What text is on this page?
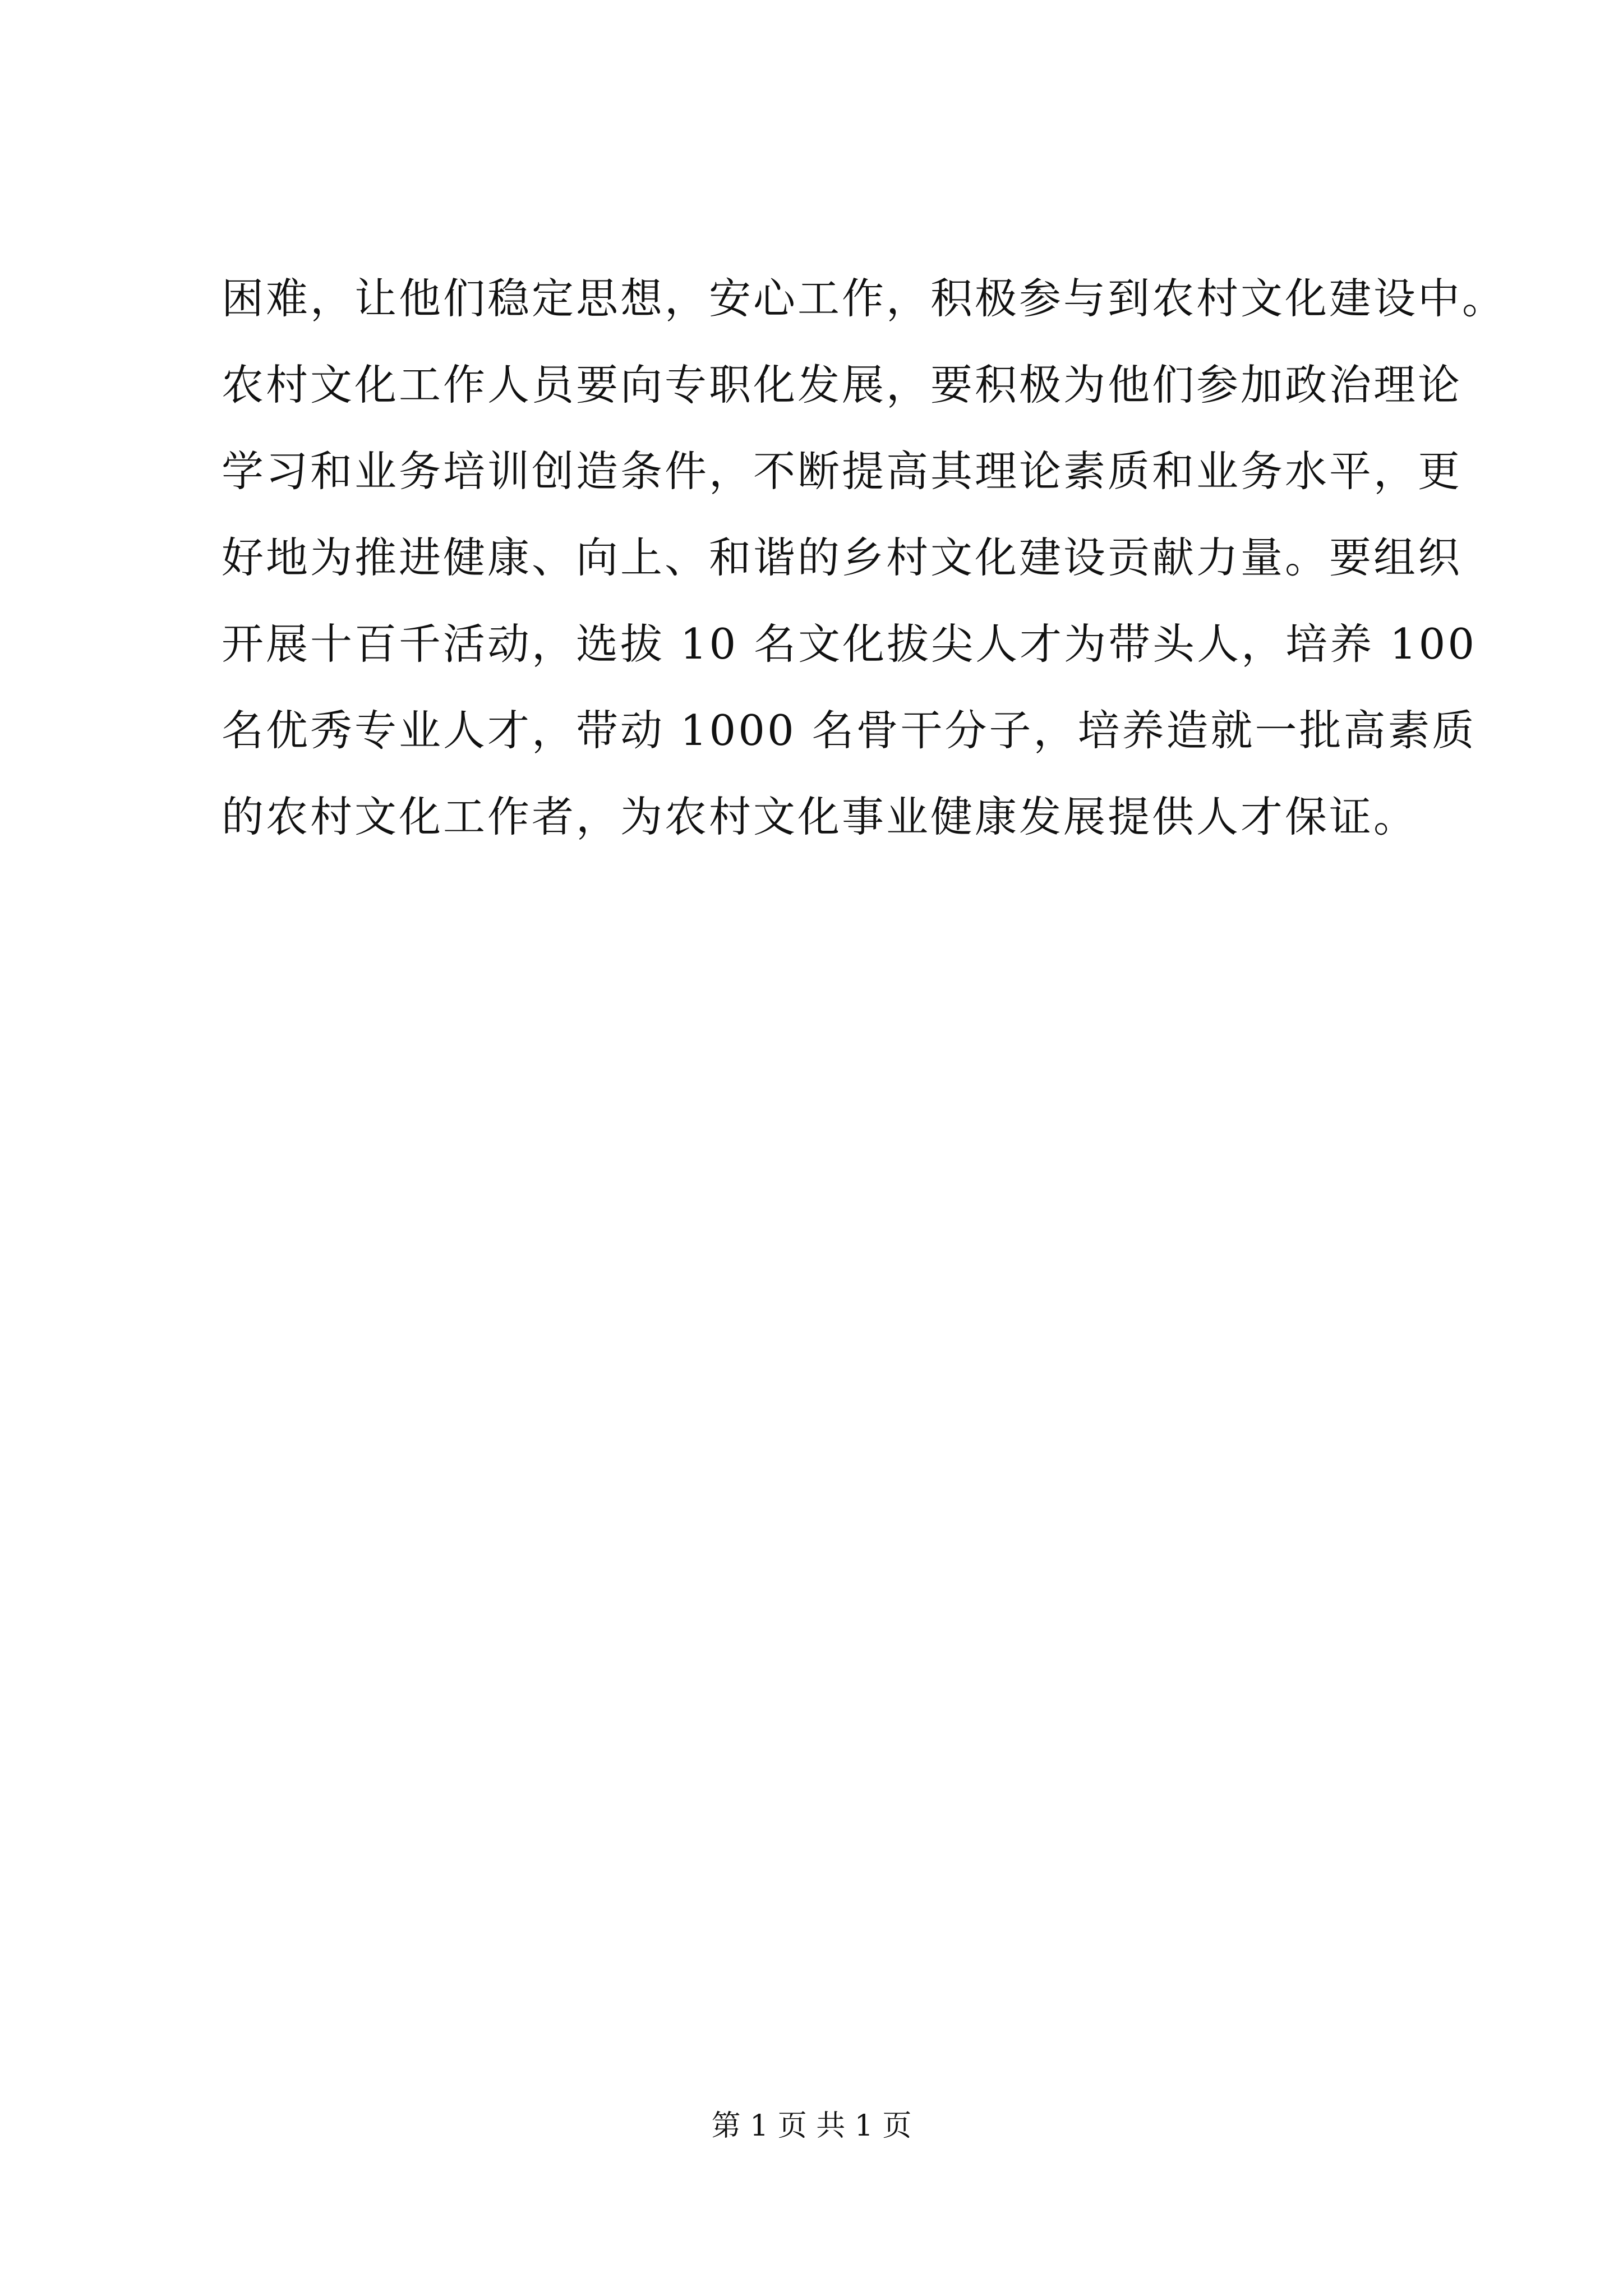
困难，让他们稳定思想，安心工作，积极参与到农村文化建设中。
农村文化工作人员要向专职化发展，要积极为他们参加政治理论
学习和业务培训创造条件，不断提高其理论素质和业务水平，更
好地为推进健康、向上、和谐的乡村文化建设贡献力量。要组织
开展十百千活动，选拔 10 名文化拔尖人才为带头人，培养 100
名优秀专业人才，带动 1000 名骨干分子，培养造就一批高素质
的农村文化工作者，为农村文化事业健康发展提供人才保证。
第 1 页 共 1 页
